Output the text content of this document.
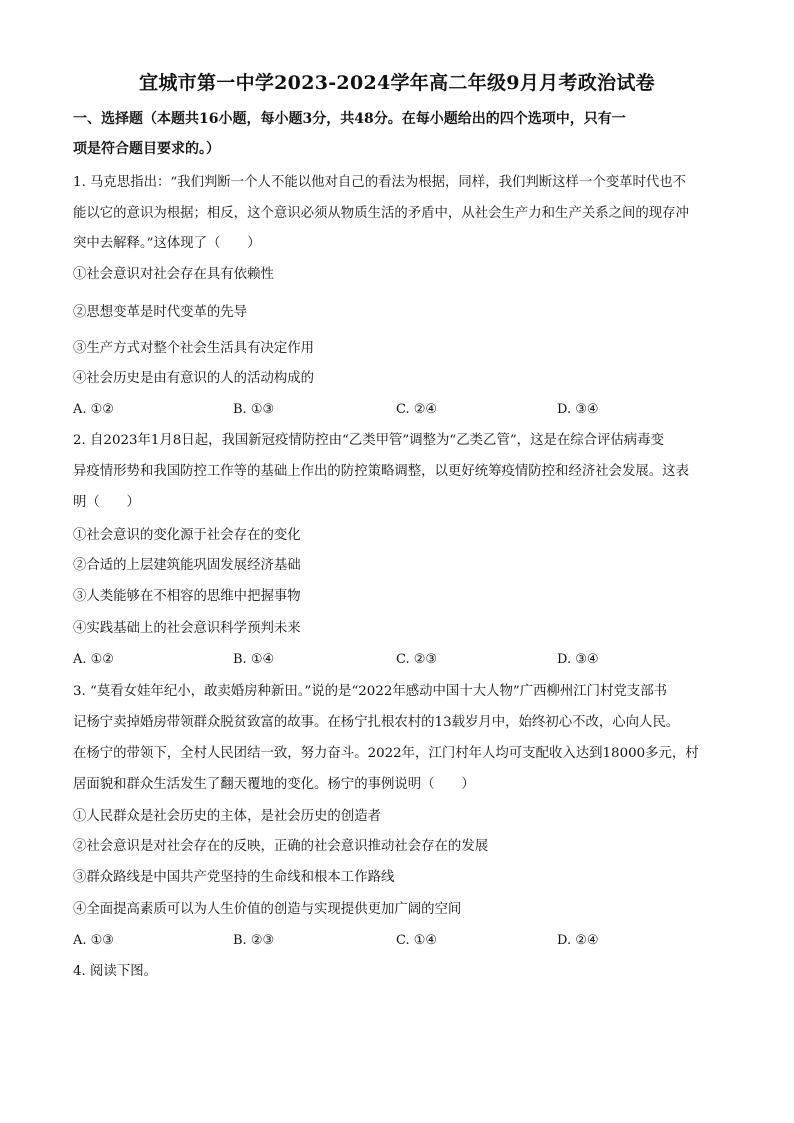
宜城市第一中学2023-2024学年高二年级9月月考政治试卷
一、选择题（本题共16小题，每小题3分，共48分。在每小题给出的四个选项中，只有一
项是符合题目要求的。）
1. 马克思指出：“我们判断一个人不能以他对自己的看法为根据，同样，我们判断这样一个变革时代也不
能以它的意识为根据；相反，这个意识必须从物质生活的矛盾中，从社会生产力和生产关系之间的现存冲
突中去解释。”这体现了（　　）
①社会意识对社会存在具有依赖性
②思想变革是时代变革的先导
③生产方式对整个社会生活具有决定作用
④社会历史是由有意识的人的活动构成的
A. ①②	B. ①③	C. ②④	D. ③④
2. 自2023年1月8日起，我国新冠疫情防控由“乙类甲管”调整为“乙类乙管”，这是在综合评估病毒变
异疫情形势和我国防控工作等的基础上作出的防控策略调整，以更好统筹疫情防控和经济社会发展。这表
明（　　）
①社会意识的变化源于社会存在的变化
②合适的上层建筑能巩固发展经济基础
③人类能够在不相容的思维中把握事物
④实践基础上的社会意识科学预判未来
A. ①②	B. ①④	C. ②③	D. ③④
3. “莫看女娃年纪小，敢卖婚房种新田。”说的是“2022年感动中国十大人物”广西柳州江门村党支部书
记杨宁卖掉婚房带领群众脱贫致富的故事。在杨宁扎根农村的13载岁月中，始终初心不改，心向人民。
在杨宁的带领下，全村人民团结一致，努力奋斗。2022年，江门村年人均可支配收入达到18000多元，村
居面貌和群众生活发生了翻天覆地的变化。杨宁的事例说明（　　）
①人民群众是社会历史的主体，是社会历史的创造者
②社会意识是对社会存在的反映，正确的社会意识推动社会存在的发展
③群众路线是中国共产党坚持的生命线和根本工作路线
④全面提高素质可以为人生价值的创造与实现提供更加广阔的空间
A. ①③	B. ②③	C. ①④	D. ②④
4. 阅读下图。
